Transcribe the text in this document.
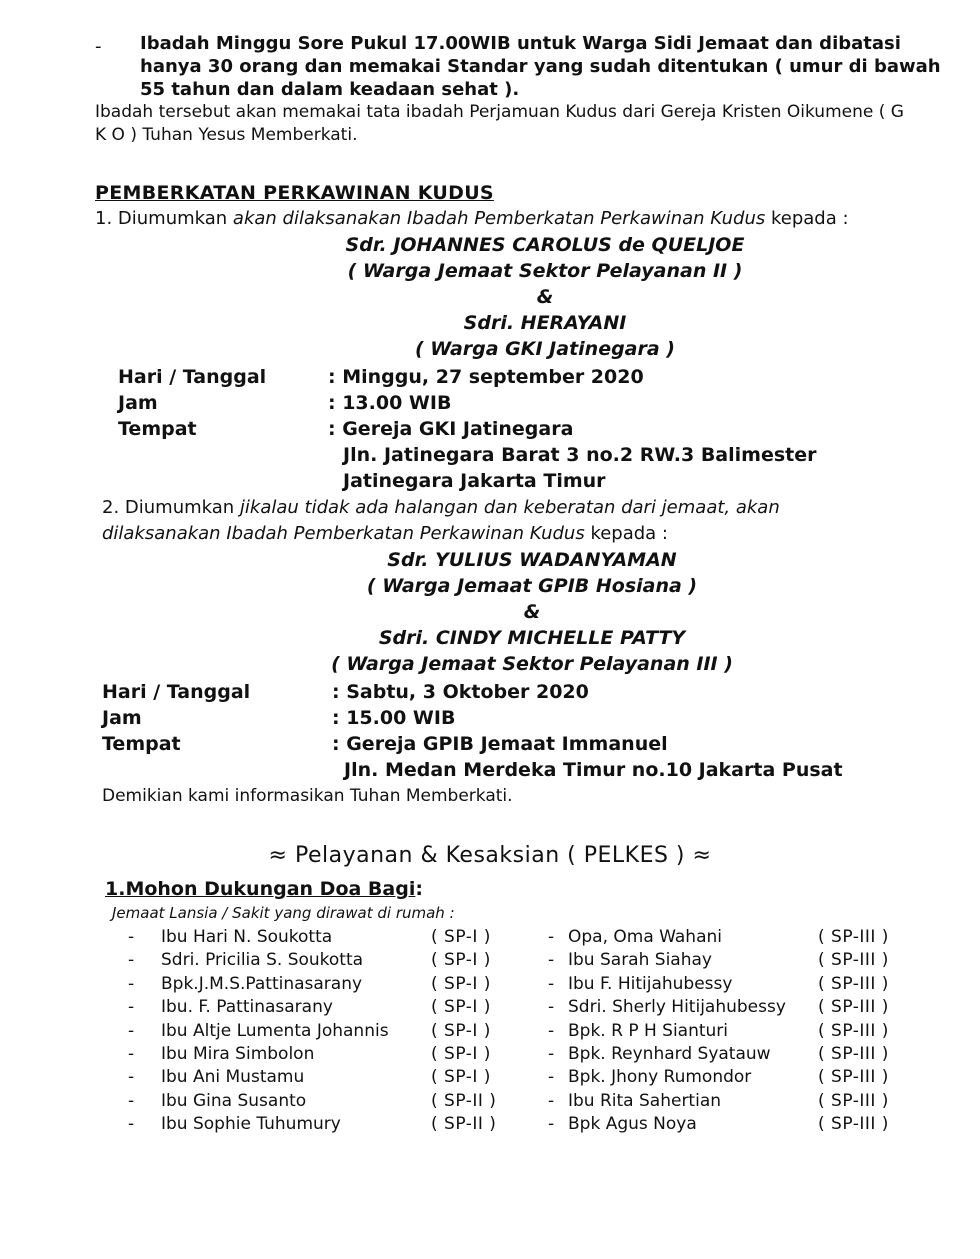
- Ibadah Minggu Sore Pukul 17.00WIB untuk Warga Sidi Jemaat dan dibatasi
hanya 30 orang dan memakai Standar yang sudah ditentukan ( umur di bawah
55 tahun dan dalam keadaan sehat ).
Ibadah tersebut akan memakai tata ibadah Perjamuan Kudus dari Gereja Kristen Oikumene ( G
K O ) Tuhan Yesus Memberkati.
PEMBERKATAN PERKAWINAN KUDUS
1. Diumumkan akan dilaksanakan Ibadah Pemberkatan Perkawinan Kudus kepada :
Sdr. JOHANNES CAROLUS de QUELJOE
( Warga Jemaat Sektor Pelayanan II )
&
Sdri. HERAYANI
( Warga GKI Jatinegara )
Hari / Tanggal	: Minggu, 27 september 2020
Jam	: 13.00 WIB
Tempat	: Gereja GKI Jatinegara
Jln. Jatinegara Barat 3 no.2 RW.3 Balimester
Jatinegara Jakarta Timur
2. Diumumkan jikalau tidak ada halangan dan keberatan dari jemaat, akan
dilaksanakan Ibadah Pemberkatan Perkawinan Kudus kepada :
Sdr. YULIUS WADANYAMAN
( Warga Jemaat GPIB Hosiana )
&
Sdri. CINDY MICHELLE PATTY
( Warga Jemaat Sektor Pelayanan III )
Hari / Tanggal	: Sabtu, 3 Oktober 2020
Jam	: 15.00 WIB
Tempat	: Gereja GPIB Jemaat Immanuel
Jln. Medan Merdeka Timur no.10 Jakarta Pusat
Demikian kami informasikan Tuhan Memberkati.
≈ Pelayanan & Kesaksian ( PELKES ) ≈
1.Mohon Dukungan Doa Bagi:
Jemaat Lansia / Sakit yang dirawat di rumah :
-	Ibu Hari N. Soukotta	( SP-I )
-	Sdri. Pricilia S. Soukotta	( SP-I )
-	Bpk.J.M.S.Pattinasarany	( SP-I )
-	Ibu. F. Pattinasarany	( SP-I )
-	Ibu Altje Lumenta Johannis	( SP-I )
-	Ibu Mira Simbolon	( SP-I )
-	Ibu Ani Mustamu	( SP-I )
-	Ibu Gina Susanto	( SP-II )
-	Ibu Sophie Tuhumury	( SP-II )
- Opa, Oma Wahani	( SP-III )
- Ibu Sarah Siahay	( SP-III )
- Ibu F. Hitijahubessy	( SP-III )
- Sdri. Sherly Hitijahubessy	( SP-III )
- Bpk. R P H Sianturi	( SP-III )
- Bpk. Reynhard Syatauw	( SP-III )
- Bpk. Jhony Rumondor	( SP-III )
- Ibu Rita Sahertian	( SP-III )
- Bpk Agus Noya	( SP-III )
